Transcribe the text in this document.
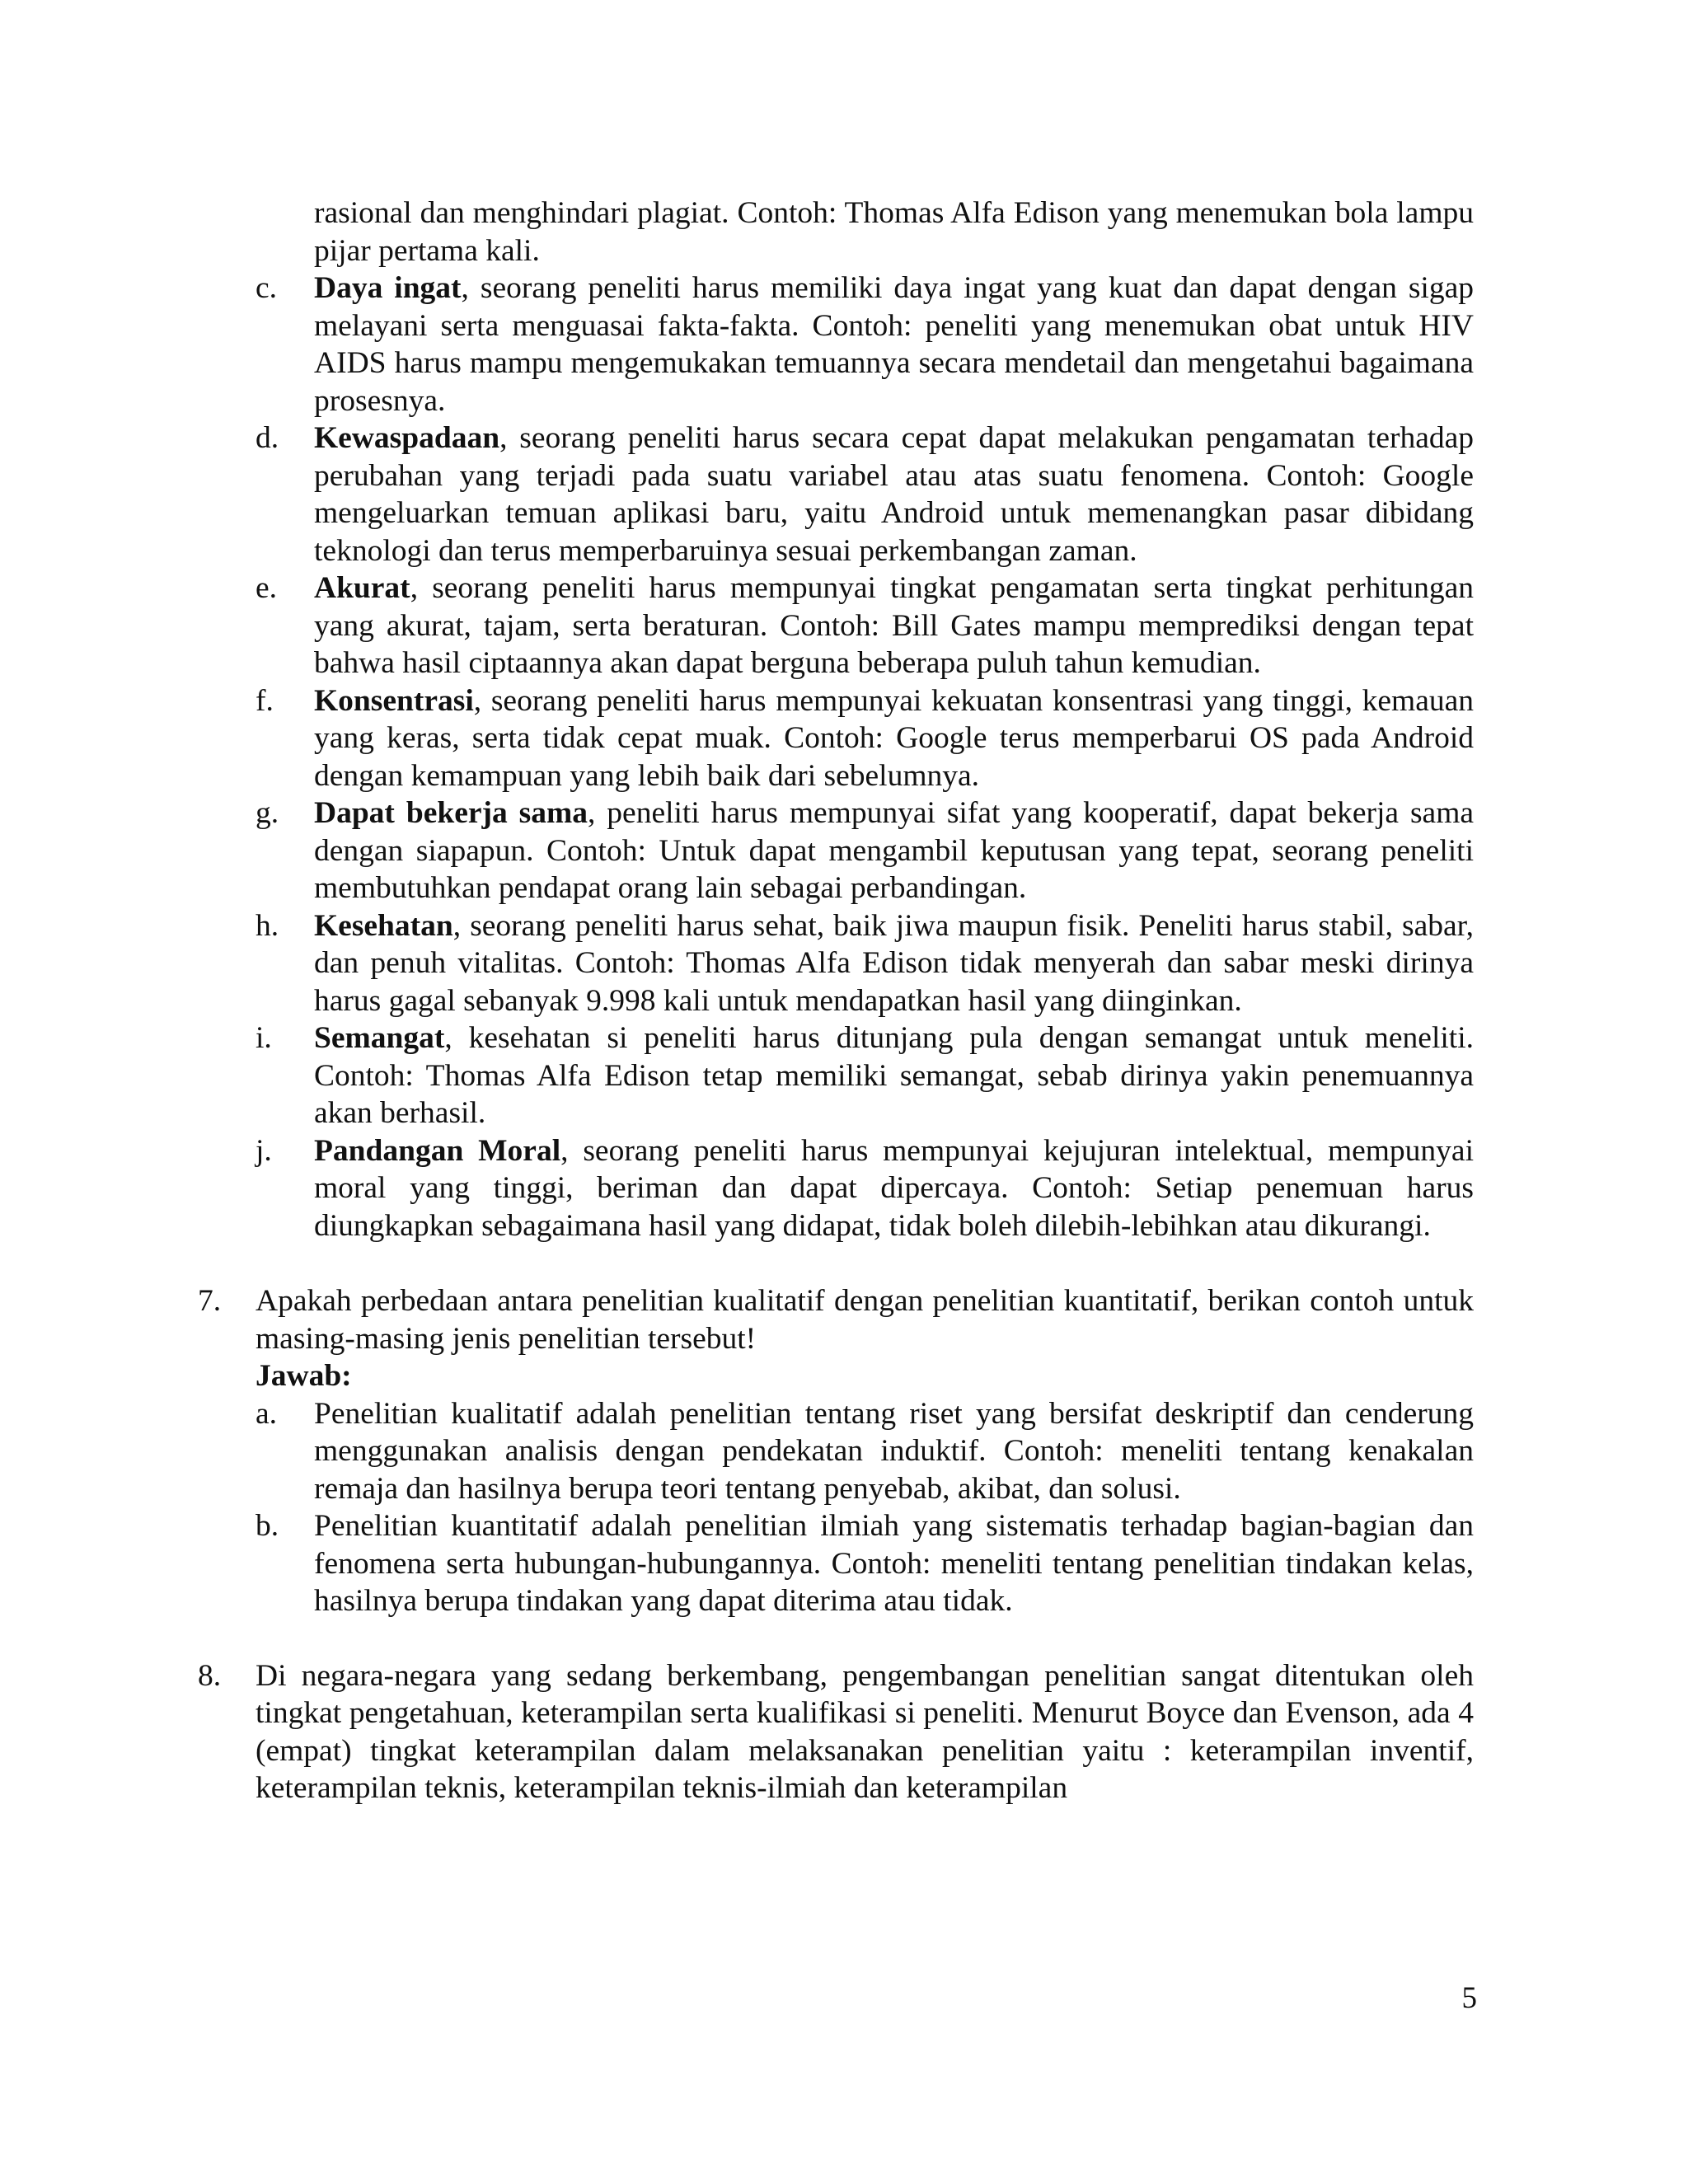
rasional dan menghindari plagiat. Contoh: Thomas Alfa Edison yang menemukan bola lampu pijar pertama kali.
c.	Daya ingat, seorang peneliti harus memiliki daya ingat yang kuat dan dapat dengan sigap melayani serta menguasai fakta-fakta. Contoh: peneliti yang menemukan obat untuk HIV AIDS harus mampu mengemukakan temuannya secara mendetail dan mengetahui bagaimana prosesnya.
d.	Kewaspadaan, seorang peneliti harus secara cepat dapat melakukan pengamatan terhadap perubahan yang terjadi pada suatu variabel atau atas suatu fenomena. Contoh: Google mengeluarkan temuan aplikasi baru, yaitu Android untuk memenangkan pasar dibidang teknologi dan terus memperbaruinya sesuai perkembangan zaman.
e.	Akurat, seorang peneliti harus mempunyai tingkat pengamatan serta tingkat perhitungan yang akurat, tajam, serta beraturan. Contoh: Bill Gates mampu memprediksi dengan tepat bahwa hasil ciptaannya akan dapat berguna beberapa puluh tahun kemudian.
f.	Konsentrasi, seorang peneliti harus mempunyai kekuatan konsentrasi yang tinggi, kemauan yang keras, serta tidak cepat muak. Contoh: Google terus memperbarui OS pada Android dengan kemampuan yang lebih baik dari sebelumnya.
g.	Dapat bekerja sama, peneliti harus mempunyai sifat yang kooperatif, dapat bekerja sama dengan siapapun. Contoh: Untuk dapat mengambil keputusan yang tepat, seorang peneliti membutuhkan pendapat orang lain sebagai perbandingan.
h.	Kesehatan, seorang peneliti harus sehat, baik jiwa maupun fisik. Peneliti harus stabil, sabar, dan penuh vitalitas. Contoh: Thomas Alfa Edison tidak menyerah dan sabar meski dirinya harus gagal sebanyak 9.998 kali untuk mendapatkan hasil yang diinginkan.
i.	Semangat, kesehatan si peneliti harus ditunjang pula dengan semangat untuk meneliti. Contoh: Thomas Alfa Edison tetap memiliki semangat, sebab dirinya yakin penemuannya akan berhasil.
j.	Pandangan Moral, seorang peneliti harus mempunyai kejujuran intelektual, mempunyai moral yang tinggi, beriman dan dapat dipercaya. Contoh: Setiap penemuan harus diungkapkan sebagaimana hasil yang didapat, tidak boleh dilebih-lebihkan atau dikurangi.
7.	Apakah perbedaan antara penelitian kualitatif dengan penelitian kuantitatif, berikan contoh untuk masing-masing jenis penelitian tersebut!
Jawab:
a.	Penelitian kualitatif adalah penelitian tentang riset yang bersifat deskriptif dan cenderung menggunakan analisis dengan pendekatan induktif. Contoh: meneliti tentang kenakalan remaja dan hasilnya berupa teori tentang penyebab, akibat, dan solusi.
b.	Penelitian kuantitatif adalah penelitian ilmiah yang sistematis terhadap bagian-bagian dan fenomena serta hubungan-hubungannya. Contoh: meneliti tentang penelitian tindakan kelas, hasilnya berupa tindakan yang dapat diterima atau tidak.
8.	Di negara-negara yang sedang berkembang, pengembangan penelitian sangat ditentukan oleh tingkat pengetahuan, keterampilan serta kualifikasi si peneliti. Menurut Boyce dan Evenson, ada 4 (empat) tingkat keterampilan dalam melaksanakan penelitian yaitu : keterampilan inventif, keterampilan teknis, keterampilan teknis-ilmiah dan keterampilan
5
